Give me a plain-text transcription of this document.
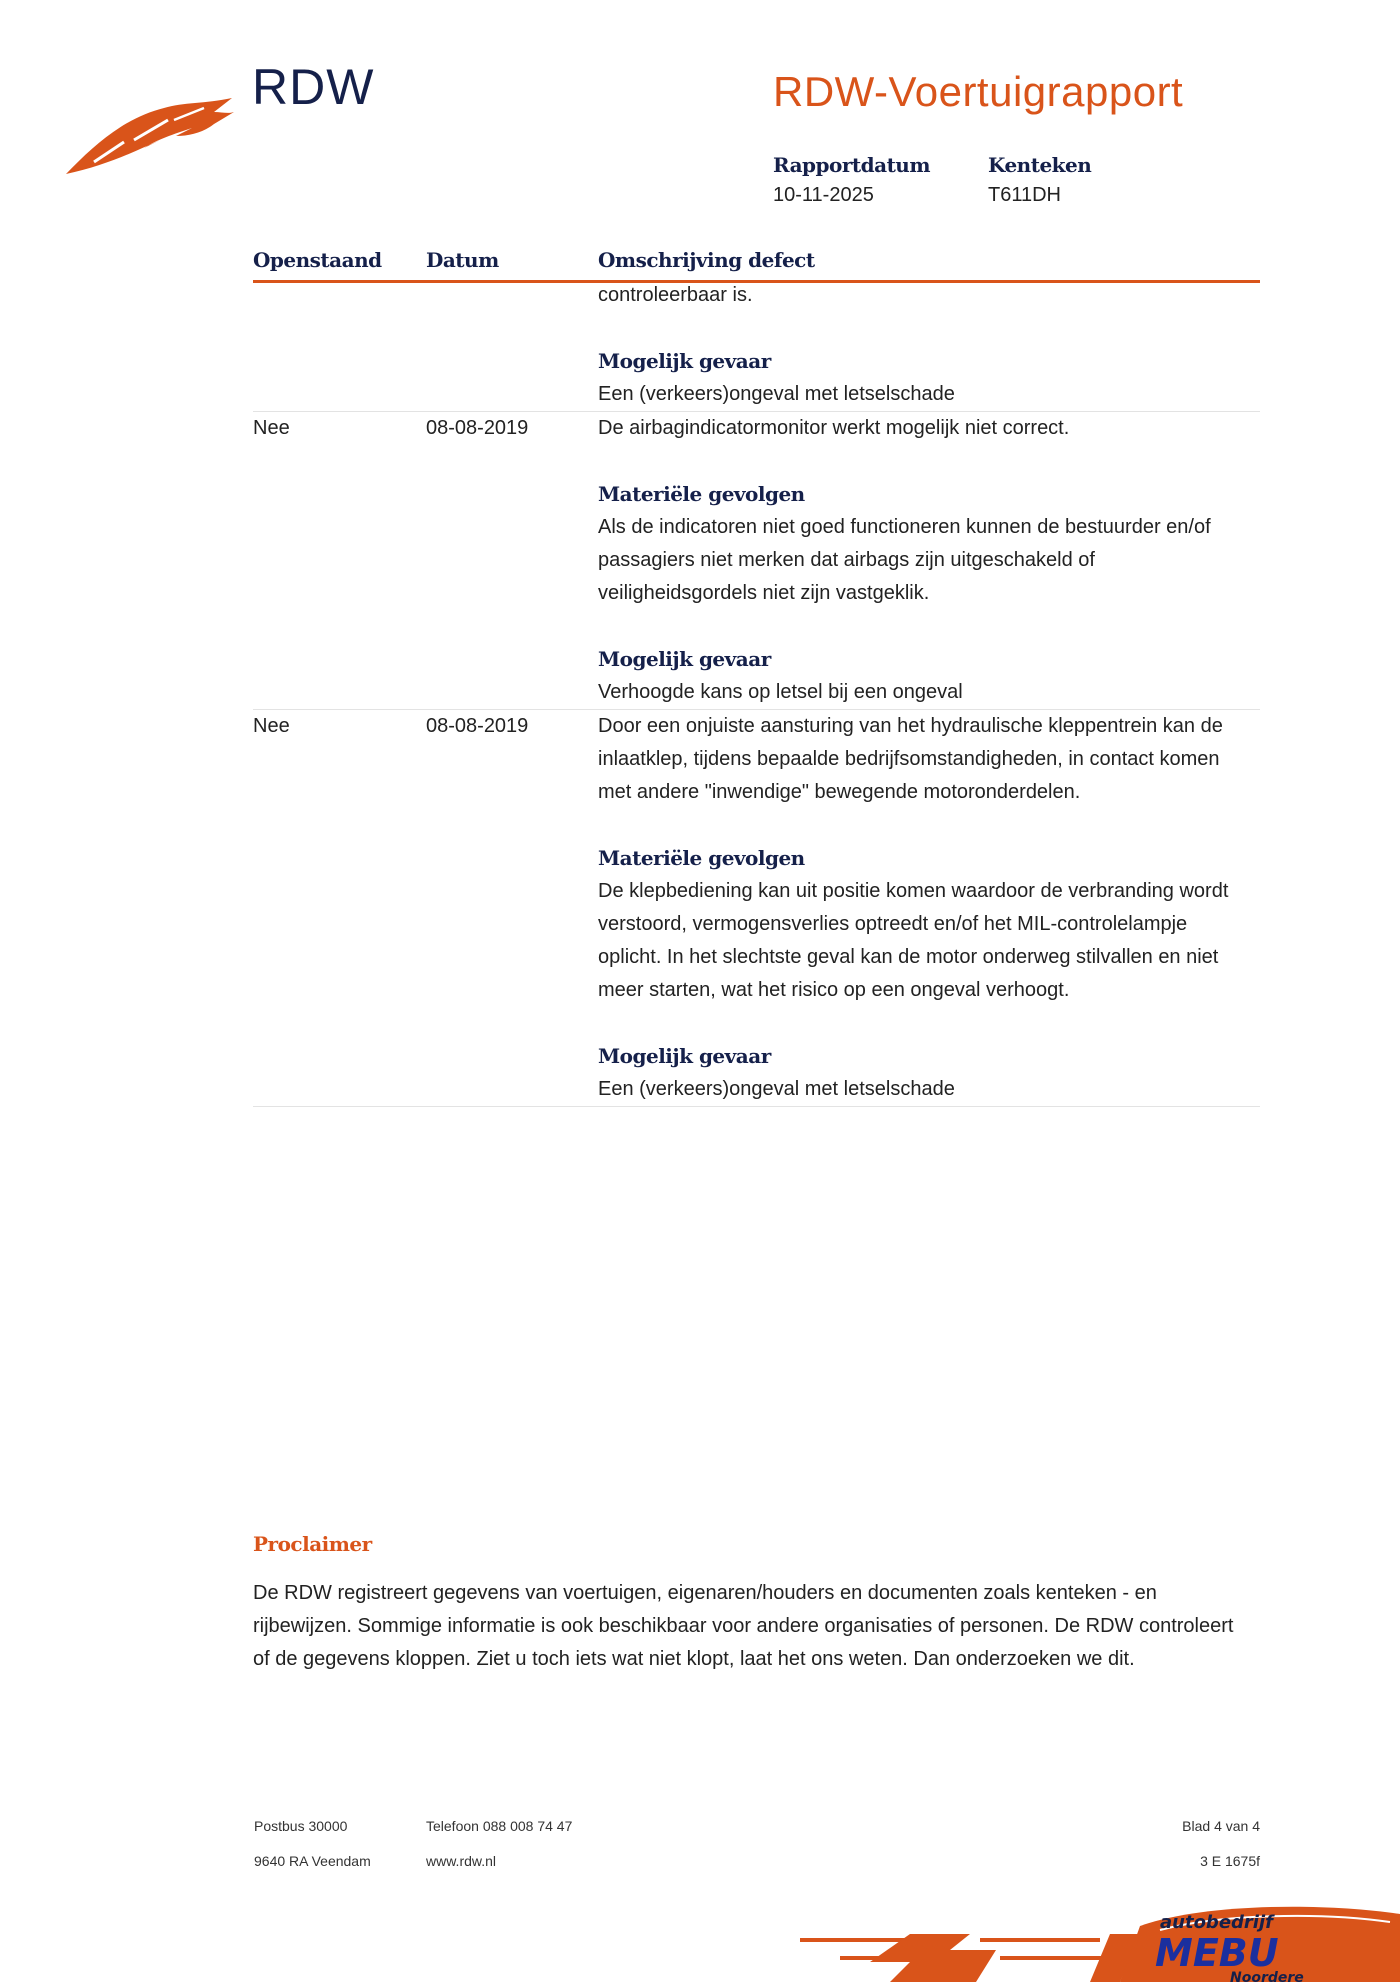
RDW	RDW-Voertuigrapport
Rapportdatum
10-11-2025
Kenteken
T611DH
Openstaand Datum	Omschrijving defect
controleerbaar is.
Mogelijk gevaar
Een (verkeers)ongeval met letselschade
Nee	08-08-2019	De airbagindicatormonitor werkt mogelijk niet correct.
Materiële gevolgen
Als de indicatoren niet goed functioneren kunnen de bestuurder en/of passagiers niet merken dat airbags zijn uitgeschakeld of veiligheidsgordels niet zijn vastgeklik.
Mogelijk gevaar
Verhoogde kans op letsel bij een ongeval
Nee	08-08-2019	Door een onjuiste aansturing van het hydraulische kleppentrein kan de inlaatklep, tijdens bepaalde bedrijfsomstandigheden, in contact komen met andere "inwendige" bewegende motoronderdelen.
Materiële gevolgen
De klepbediening kan uit positie komen waardoor de verbranding wordt verstoord, vermogensverlies optreedt en/of het MIL-controlelampje oplicht. In het slechtste geval kan de motor onderweg stilvallen en niet meer starten, wat het risico op een ongeval verhoogt.
Mogelijk gevaar
Een (verkeers)ongeval met letselschade
Proclaimer
De RDW registreert gegevens van voertuigen, eigenaren/houders en documenten zoals kenteken - en rijbewijzen. Sommige informatie is ook beschikbaar voor andere organisaties of personen. De RDW controleert of de gegevens kloppen. Ziet u toch iets wat niet klopt, laat het ons weten. Dan onderzoeken we dit.
Postbus 30000	Telefoon 088 008 74 47	Blad 4 van 4
9640 RA Veendam	www.rdw.nl	3 E 1675f
autobedrijf
MEBU
Noordere
